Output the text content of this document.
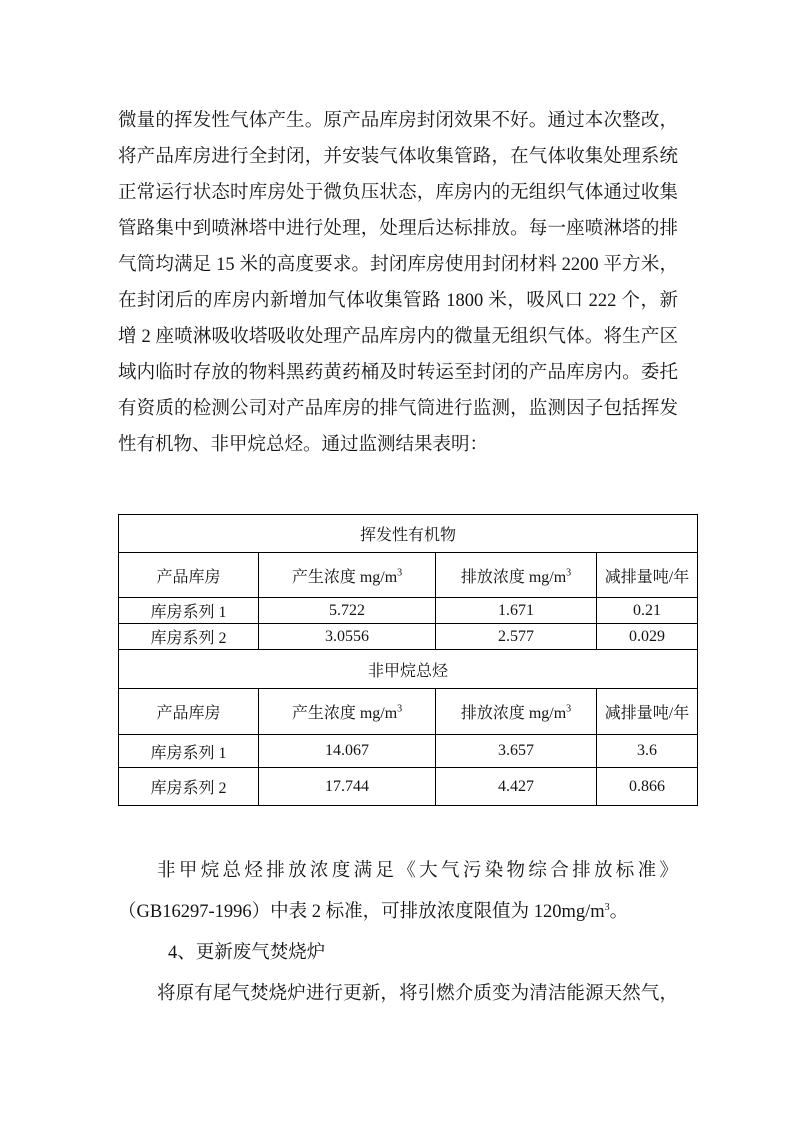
微量的挥发性气体产生。原产品库房封闭效果不好。通过本次整改，
将产品库房进行全封闭，并安装气体收集管路，在气体收集处理系统
正常运行状态时库房处于微负压状态，库房内的无组织气体通过收集
管路集中到喷淋塔中进行处理，处理后达标排放。每一座喷淋塔的排
气筒均满足 15 米的高度要求。封闭库房使用封闭材料 2200 平方米，
在封闭后的库房内新增加气体收集管路 1800 米，吸风口 222 个，新
增 2 座喷淋吸收塔吸收处理产品库房内的微量无组织气体。将生产区
域内临时存放的物料黑药黄药桶及时转运至封闭的产品库房内。委托
有资质的检测公司对产品库房的排气筒进行监测，监测因子包括挥发
性有机物、非甲烷总烃。通过监测结果表明：
挥发性有机物			
产品库房	产生浓度 $mg/m^3$	排放浓度 $mg/m^3$	减排量吨/年
库房系列 1	5.722	1.671	0.21
库房系列 2	3.0556	2.577	0.029
非甲烷总烃			
产品库房	产生浓度 $mg/m^3$	排放浓度 $mg/m^3$	减排量吨/年
库房系列 1	14.067	3.657	3.6
库房系列 2	17.744	4.427	0.866
非甲烷总烃排放浓度满足《大气污染物综合排放标准》
（GB16297-1996）中表 2 标准，可排放浓度限值为 $120mg/m^3$。
4、更新废气焚烧炉
将原有尾气焚烧炉进行更新，将引燃介质变为清洁能源天然气，
